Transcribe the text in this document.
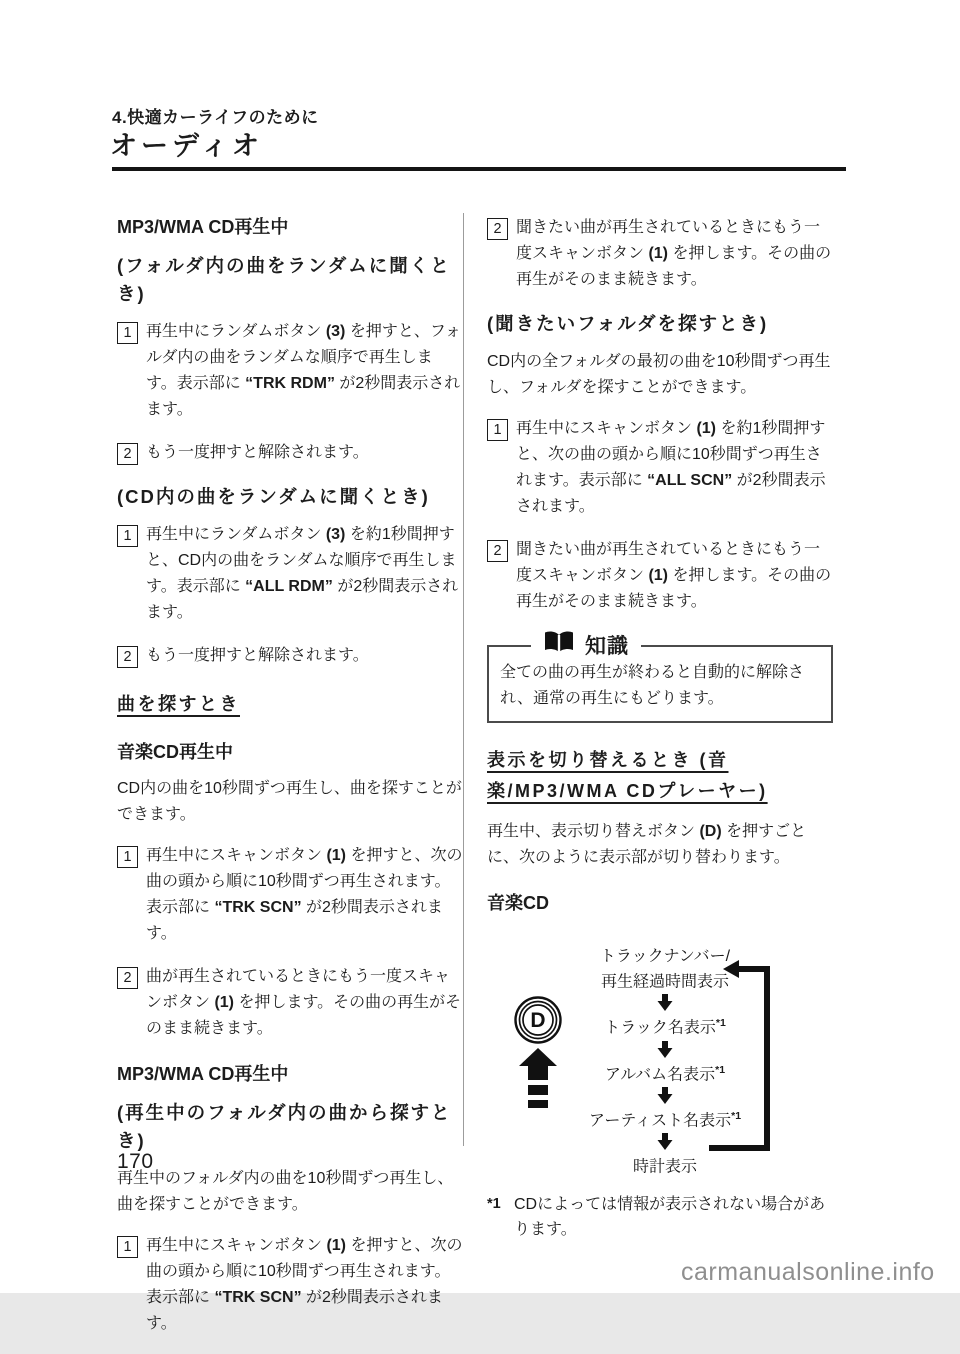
4.快適カーライフのために
オーディオ
MP3/WMA CD再生中
(フォルダ内の曲をランダムに聞くとき)
1 再生中にランダムボタン (3) を押すと、フォルダ内の曲をランダムな順序で再生します。表示部に “TRK RDM” が2秒間表示されます。
2 もう一度押すと解除されます。
(CD内の曲をランダムに聞くとき)
1 再生中にランダムボタン (3) を約1秒間押すと、CD内の曲をランダムな順序で再生します。表示部に “ALL RDM” が2秒間表示されます。
2 もう一度押すと解除されます。
曲を探すとき
音楽CD再生中

CD内の曲を10秒間ずつ再生し、曲を探すことができます。

1 再生中にスキャンボタン (1) を押すと、次の曲の頭から順に10秒間ずつ再生されます。表示部に “TRK SCN” が2秒間表示されます。
2 曲が再生されているときにもう一度スキャンボタン (1) を押します。その曲の再生がそのまま続きます。
MP3/WMA CD再生中
(再生中のフォルダ内の曲から探すとき)

再生中のフォルダ内の曲を10秒間ずつ再生し、曲を探すことができます。

1 再生中にスキャンボタン (1) を押すと、次の曲の頭から順に10秒間ずつ再生されます。表示部に “TRK SCN” が2秒間表示されます。
2 聞きたい曲が再生されているときにもう一度スキャンボタン (1) を押します。その曲の再生がそのまま続きます。
(聞きたいフォルダを探すとき)

CD内の全フォルダの最初の曲を10秒間ずつ再生し、フォルダを探すことができます。

1 再生中にスキャンボタン (1) を約1秒間押すと、次の曲の頭から順に10秒間ずつ再生されます。表示部に “ALL SCN” が2秒間表示されます。
2 聞きたい曲が再生されているときにもう一度スキャンボタン (1) を押します。その曲の再生がそのまま続きます。
知識
全ての曲の再生が終わると自動的に解除され、通常の再生にもどります。
表示を切り替えるとき (音楽/MP3/WMA CDプレーヤー)

再生中、表示切り替えボタン (D) を押すごとに、次のように表示部が切り替わります。

音楽CD
D
トラックナンバー/
再生経過時間表示
トラック名表示$^{*1}$
アルバム名表示$^{*1}$
アーティスト名表示$^{*1}$
時計表示
*1 CDによっては情報が表示されない場合があります。
170
carmanualsonline.info
